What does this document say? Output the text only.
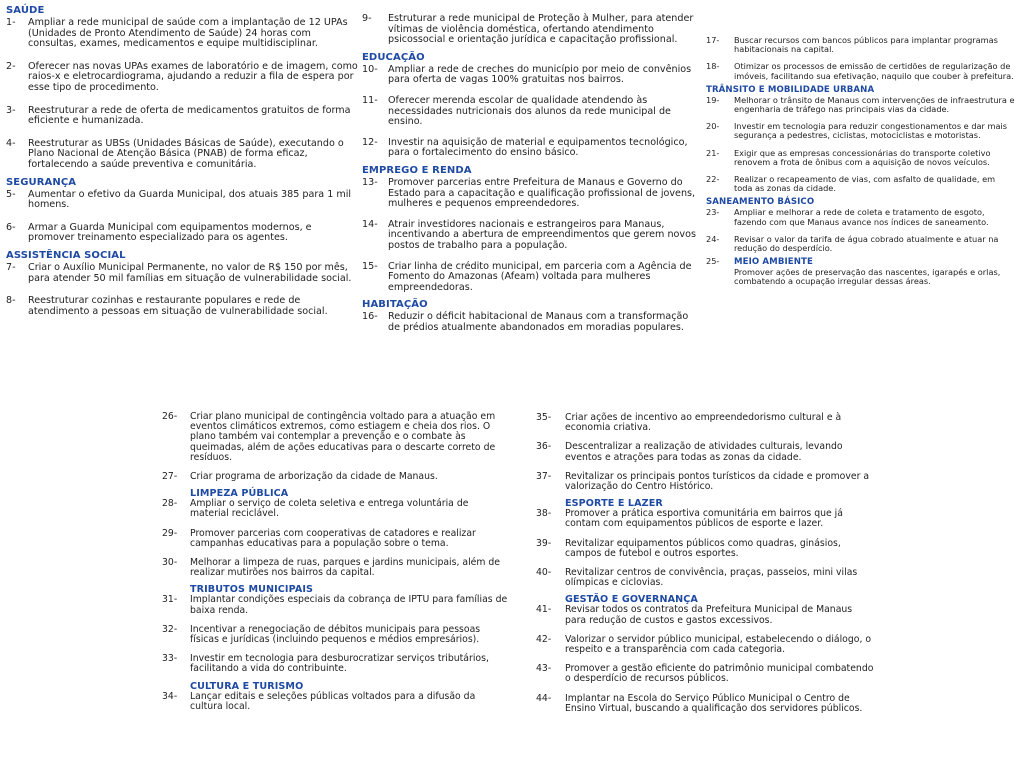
SAÚDE
1-	Ampliar a rede municipal de saúde com a implantação de 12 UPAs (Unidades de Pronto Atendimento de Saúde) 24 horas com consultas, exames, medicamentos e equipe multidisciplinar.
2-	Oferecer nas novas UPAs exames de laboratório e de imagem, como raios-x e eletrocardiograma, ajudando a reduzir a fila de espera por esse tipo de procedimento.
3-	Reestruturar a rede de oferta de medicamentos gratuitos de forma eficiente e humanizada.
4-	Reestruturar as UBSs (Unidades Básicas de Saúde), executando o Plano Nacional de Atenção Básica (PNAB) de forma eficaz, fortalecendo a saúde preventiva e comunitária.
SEGURANÇA
5-	Aumentar o efetivo da Guarda Municipal, dos atuais 385 para 1 mil homens.
6-	Armar a Guarda Municipal com equipamentos modernos, e promover treinamento especializado para os agentes.
ASSISTÊNCIA SOCIAL
7-	Criar o Auxílio Municipal Permanente, no valor de R$ 150 por mês, para atender 50 mil famílias em situação de vulnerabilidade social.
8-	Reestruturar cozinhas e restaurante populares e rede de atendimento a pessoas em situação de vulnerabilidade social.
9-	Estruturar a rede municipal de Proteção à Mulher, para atender vítimas de violência doméstica, ofertando atendimento psicossocial e orientação jurídica e capacitação profissional.
EDUCAÇÃO
10-	Ampliar a rede de creches do município por meio de convênios para oferta de vagas 100% gratuitas nos bairros.
11-	Oferecer merenda escolar de qualidade atendendo às necessidades nutricionais dos alunos da rede municipal de ensino.
12-	Investir na aquisição de material e equipamentos tecnológico, para o fortalecimento do ensino básico.
EMPREGO E RENDA
13-	Promover parcerias entre Prefeitura de Manaus e Governo do Estado para a capacitação e qualificação profissional de jovens, mulheres e pequenos empreendedores.
14-	Atrair investidores nacionais e estrangeiros para Manaus, incentivando a abertura de empreendimentos que gerem novos postos de trabalho para a população.
15-	Criar linha de crédito municipal, em parceria com a Agência de Fomento do Amazonas (Afeam) voltada para mulheres empreendedoras.
HABITAÇÃO
16-	Reduzir o déficit habitacional de Manaus com a transformação de prédios atualmente abandonados em moradias populares.
17-	Buscar recursos com bancos públicos para implantar programas habitacionais na capital.
18-	Otimizar os processos de emissão de certidões de regularização de imóveis, facilitando sua efetivação, naquilo que couber à prefeitura.
TRÂNSITO E MOBILIDADE URBANA
19-	Melhorar o trânsito de Manaus com intervenções de infraestrutura e engenharia de tráfego nas principais vias da cidade.
20-	Investir em tecnologia para reduzir congestionamentos e dar mais segurança a pedestres, ciclistas, motociclistas e motoristas.
21-	Exigir que as empresas concessionárias do transporte coletivo renovem a frota de ônibus com a aquisição de novos veículos.
22-	Realizar o recapeamento de vias, com asfalto de qualidade, em toda as zonas da cidade.
SANEAMENTO BÁSICO
23-	Ampliar e melhorar a rede de coleta e tratamento de esgoto, fazendo com que Manaus avance nos índices de saneamento.
24-	Revisar o valor da tarifa de água cobrado atualmente e atuar na redução do desperdício.
25-	MEIO AMBIENTE
Promover ações de preservação das nascentes, igarapés e orlas, combatendo a ocupação irregular dessas áreas.
26-	Criar plano municipal de contingência voltado para a atuação em eventos climáticos extremos, como estiagem e cheia dos rios. O plano também vai contemplar a prevenção e o combate às queimadas, além de ações educativas para o descarte correto de resíduos.
27-	Criar programa de arborização da cidade de Manaus.
LIMPEZA PÚBLICA
28-	Ampliar o serviço de coleta seletiva e entrega voluntária de material reciclável.
29-	Promover parcerias com cooperativas de catadores e realizar campanhas educativas para a população sobre o tema.
30-	Melhorar a limpeza de ruas, parques e jardins municipais, além de realizar mutirões nos bairros da capital.
TRIBUTOS MUNICIPAIS
31-	Implantar condições especiais da cobrança de IPTU para famílias de baixa renda.
32-	Incentivar a renegociação de débitos municipais para pessoas físicas e jurídicas (incluindo pequenos e médios empresários).
33-	Investir em tecnologia para desburocratizar serviços tributários, facilitando a vida do contribuinte.
CULTURA E TURISMO
34-	Lançar editais e seleções públicas voltados para a difusão da cultura local.
35-	Criar ações de incentivo ao empreendedorismo cultural e à economia criativa.
36-	Descentralizar a realização de atividades culturais, levando eventos e atrações para todas as zonas da cidade.
37-	Revitalizar os principais pontos turísticos da cidade e promover a valorização do Centro Histórico.
ESPORTE E LAZER
38-	Promover a prática esportiva comunitária em bairros que já contam com equipamentos públicos de esporte e lazer.
39-	Revitalizar equipamentos públicos como quadras, ginásios, campos de futebol e outros esportes.
40-	Revitalizar centros de convivência, praças, passeios, mini vilas olímpicas e ciclovias.
GESTÃO E GOVERNANÇA
41-	Revisar todos os contratos da Prefeitura Municipal de Manaus para redução de custos e gastos excessivos.
42-	Valorizar o servidor público municipal, estabelecendo o diálogo, o respeito e a transparência com cada categoria.
43-	Promover a gestão eficiente do patrimônio municipal combatendo o desperdício de recursos públicos.
44-	Implantar na Escola do Serviço Público Municipal o Centro de Ensino Virtual, buscando a qualificação dos servidores públicos.
